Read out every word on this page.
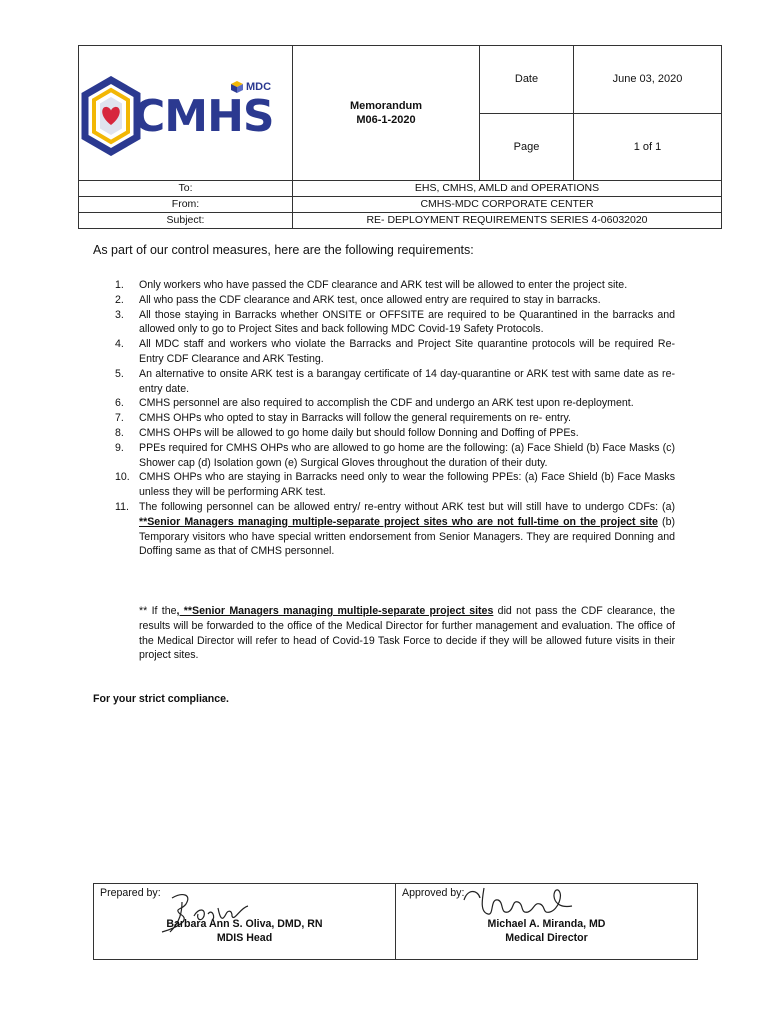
MDC
CMHS	Memorandum
M06-1-2020
Date	June 03, 2020
Page	1 of 1
To:	EHS, CMHS, AMLD and OPERATIONS
From:	CMHS-MDC CORPORATE CENTER
Subject:	RE- DEPLOYMENT REQUIREMENTS SERIES 4-06032020
As part of our control measures, here are the following requirements:
1.	Only workers who have passed the CDF clearance and ARK test will be allowed to enter the project site.
2.	All who pass the CDF clearance and ARK test, once allowed entry are required to stay in barracks.
3.	All those staying in Barracks whether ONSITE or OFFSITE are required to be Quarantined in the barracks and allowed only to go to Project Sites and back following MDC Covid-19 Safety Protocols.
4.	All MDC staff and workers who violate the Barracks and Project Site quarantine protocols will be required Re-Entry CDF Clearance and ARK Testing.
5.	An alternative to onsite ARK test is a barangay certificate of 14 day-quarantine or ARK test with same date as re- entry date.
6.	CMHS personnel are also required to accomplish the CDF and undergo an ARK test upon re-deployment.
7.	CMHS OHPs who opted to stay in Barracks will follow the general requirements on re- entry.
8.	CMHS OHPs will be allowed to go home daily but should follow Donning and Doffing of PPEs.
9.	PPEs required for CMHS OHPs who are allowed to go home are the following: (a) Face Shield (b) Face Masks (c) Shower cap (d) Isolation gown (e) Surgical Gloves throughout the duration of their duty.
10. CMHS OHPs who are staying in Barracks need only to wear the following PPEs: (a) Face Shield (b) Face Masks unless they will be performing ARK test.
11. The following personnel can be allowed entry/ re-entry without ARK test but will still have to undergo CDFs: (a) **Senior Managers managing multiple-separate project sites who are not full-time on the project site (b) Temporary visitors who have special written endorsement from Senior Managers. They are required Donning and Doffing same as that of CMHS personnel.
** If the, **Senior Managers managing multiple-separate project sites did not pass the CDF clearance, the results will be forwarded to the office of the Medical Director for further management and evaluation. The office of the Medical Director will refer to head of Covid-19 Task Force to decide if they will be allowed future visits in their project sites.
For your strict compliance.
Prepared by:
Barbara Ann S. Oliva, DMD, RN
MDIS Head
Approved by:
Michael A. Miranda, MD
Medical Director
